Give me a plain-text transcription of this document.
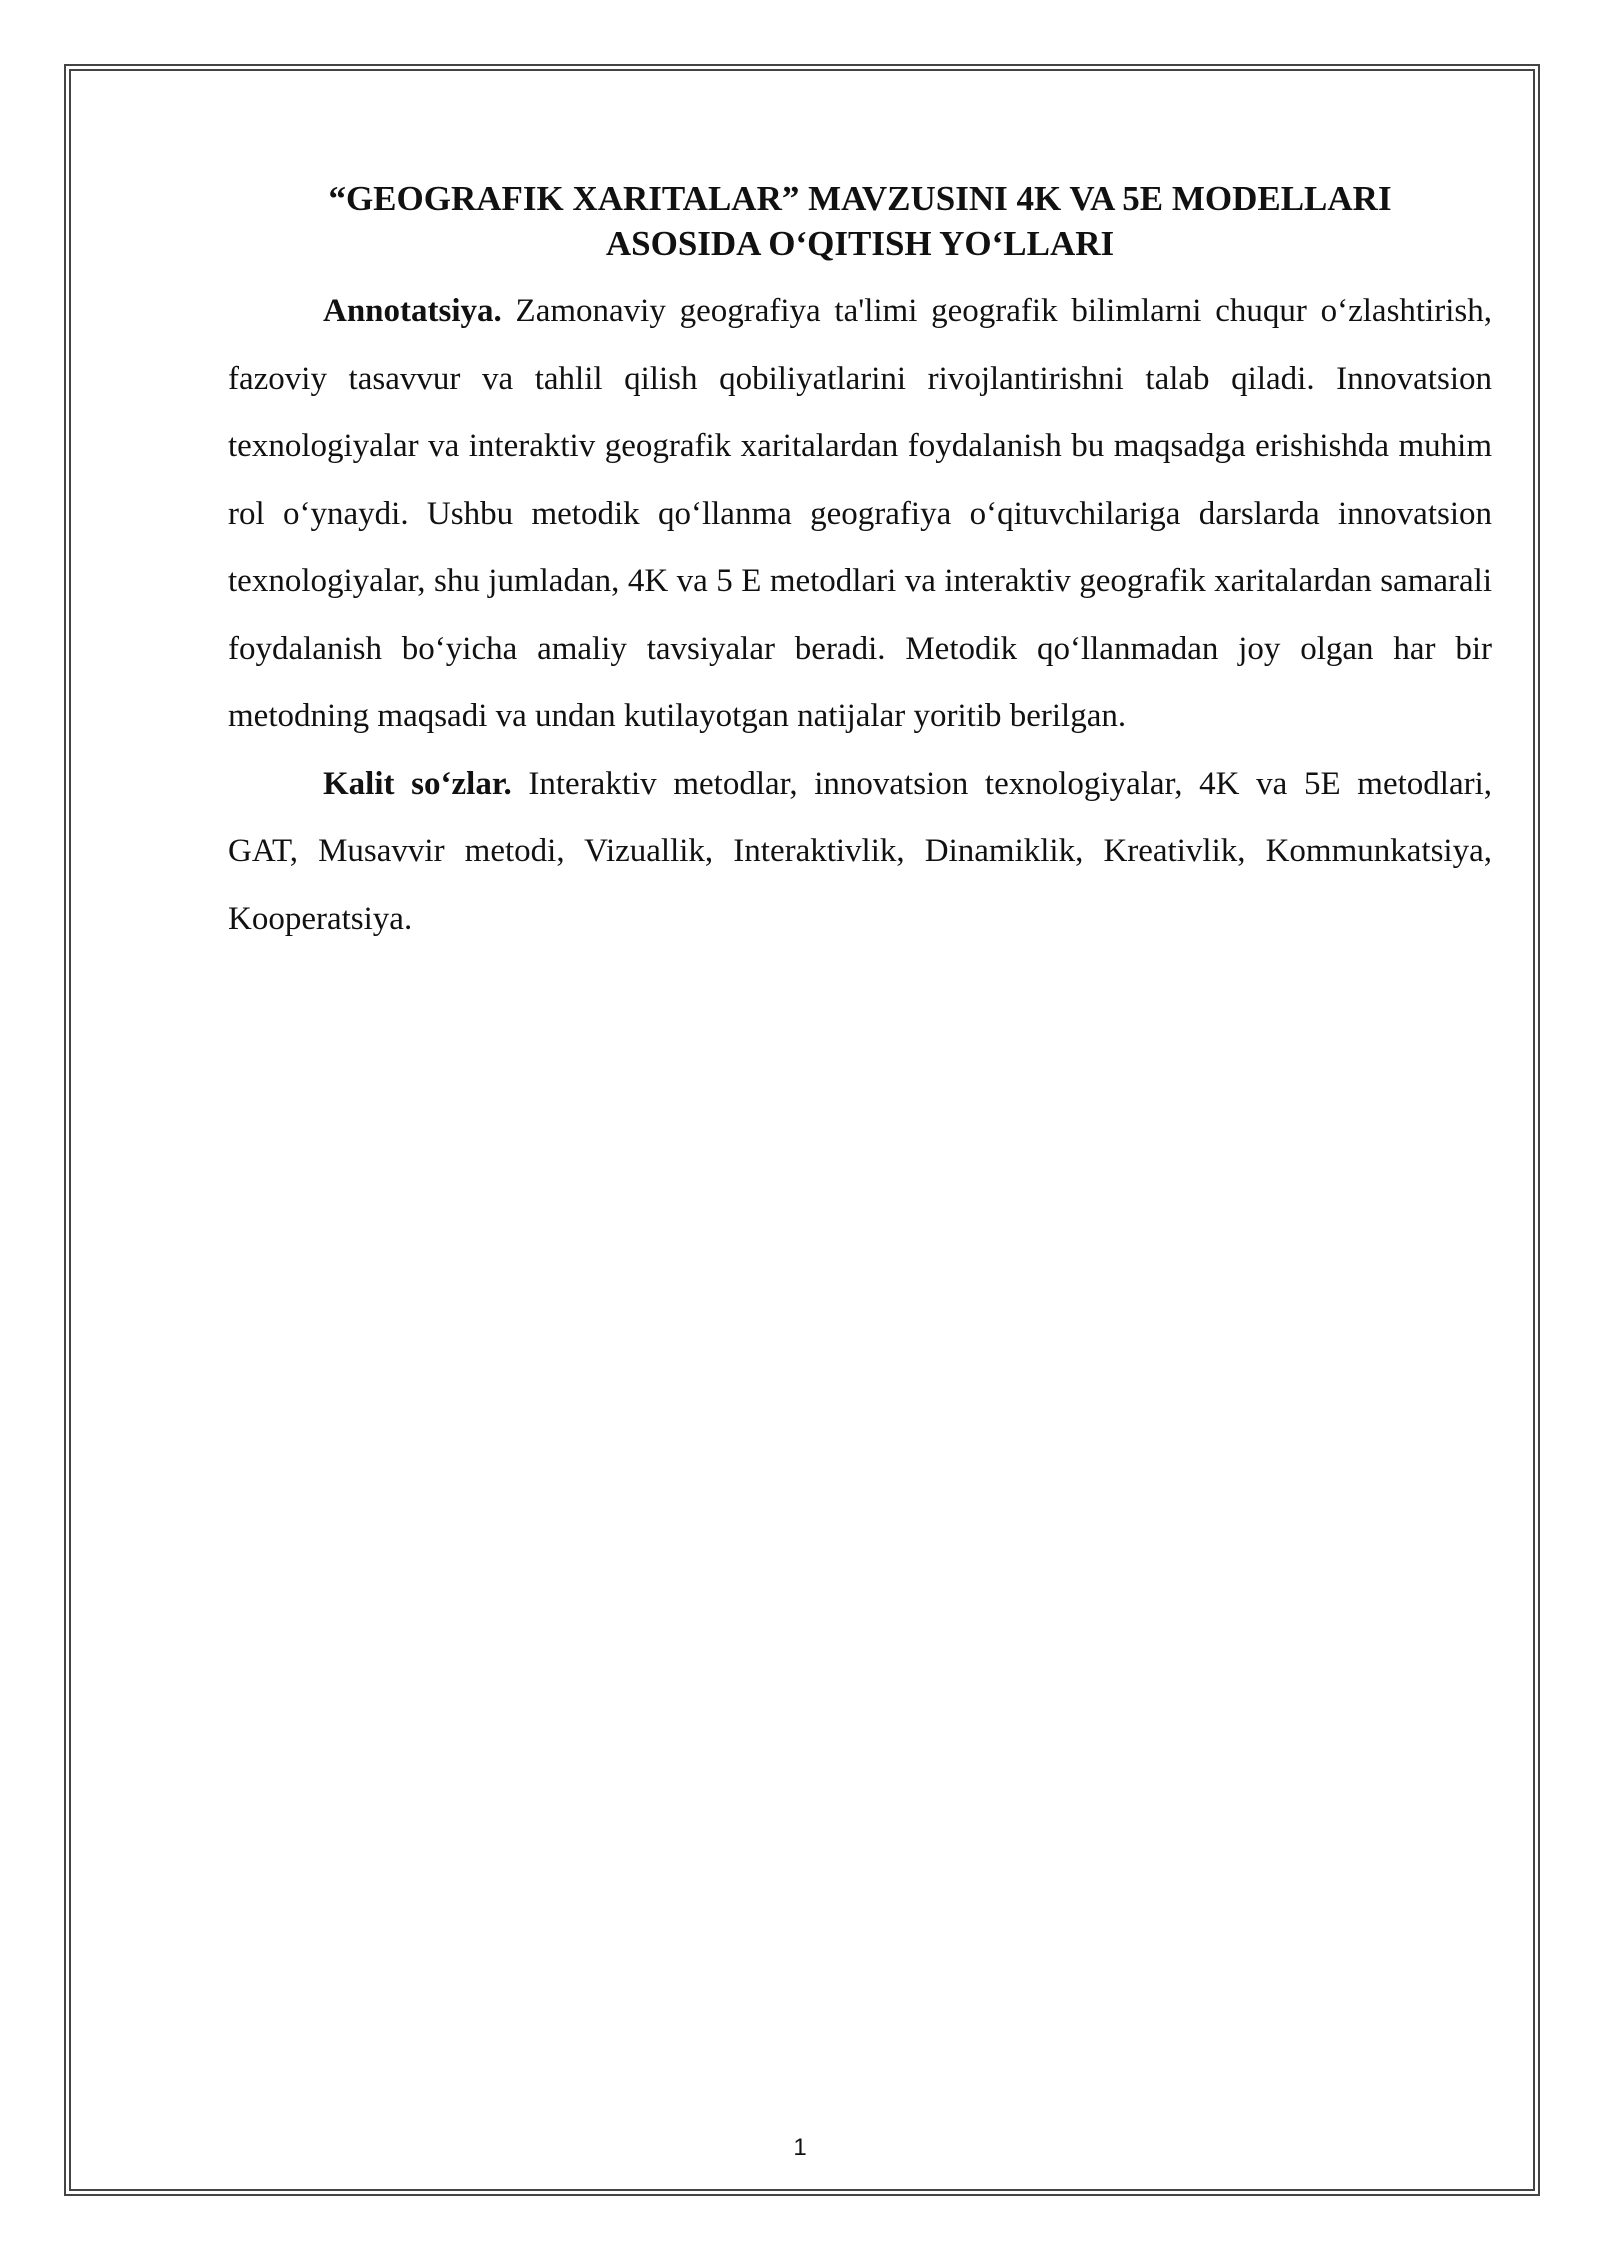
“GEOGRAFIK XARITALAR” MAVZUSINI 4K VA 5E MODELLARI
ASOSIDA O‘QITISH YO‘LLARI

Annotatsiya. Zamonaviy geografiya ta'limi geografik bilimlarni chuqur o‘zlashtirish, fazoviy tasavvur va tahlil qilish qobiliyatlarini rivojlantirishni talab qiladi. Innovatsion texnologiyalar va interaktiv geografik xaritalardan foydalanish bu maqsadga erishishda muhim rol o‘ynaydi. Ushbu metodik qo‘llanma geografiya o‘qituvchilariga darslarda innovatsion texnologiyalar, shu jumladan, 4K va 5 E metodlari va interaktiv geografik xaritalardan samarali foydalanish bo‘yicha amaliy tavsiyalar beradi. Metodik qo‘llanmadan joy olgan har bir metodning maqsadi va undan kutilayotgan natijalar yoritib berilgan.

Kalit so‘zlar. Interaktiv metodlar, innovatsion texnologiyalar, 4K va 5E metodlari, GAT, Musavvir metodi, Vizuallik, Interaktivlik, Dinamiklik, Kreativlik, Kommunkatsiya, Kooperatsiya.

1
